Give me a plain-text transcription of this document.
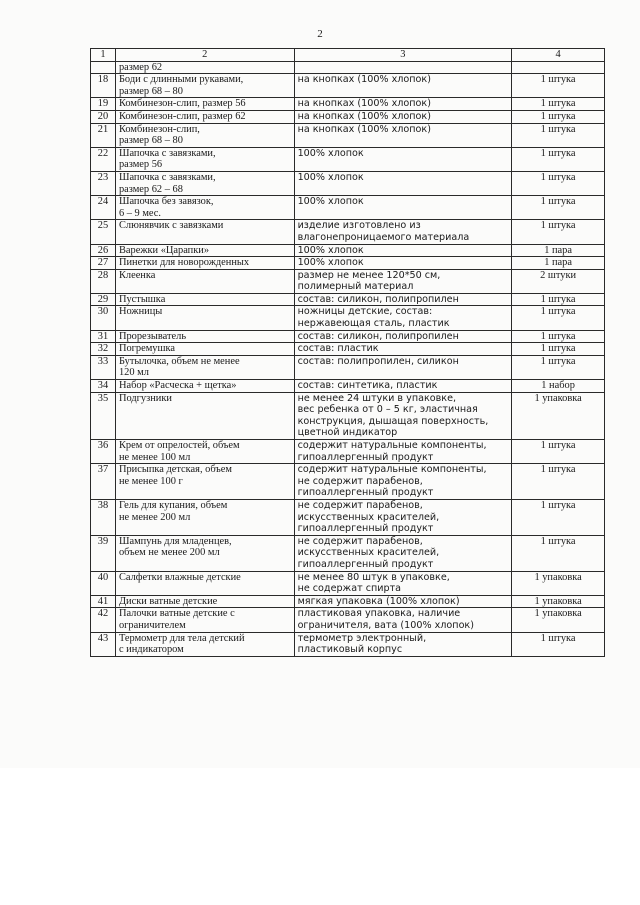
2
1	2	3	4
	размер 62		
18	Боди с длинными рукавами,
размер 68 – 80	на кнопках (100% хлопок)	1 штука
19	Комбинезон-слип, размер 56	на кнопках (100% хлопок)	1 штука
20	Комбинезон-слип, размер 62	на кнопках (100% хлопок)	1 штука
21	Комбинезон-слип,
размер 68 – 80	на кнопках (100% хлопок)	1 штука
22	Шапочка с завязками,
размер 56	100% хлопок	1 штука
23	Шапочка с завязками,
размер 62 – 68	100% хлопок	1 штука
24	Шапочка без завязок,
6 – 9 мес.	100% хлопок	1 штука
25	Слюнявчик с завязками	изделие изготовлено из
влагонепроницаемого материала	1 штука
26	Варежки «Царапки»	100% хлопок	1 пара
27	Пинетки для новорожденных	100% хлопок	1 пара
28	Клеенка	размер не менее 120*50 см,
полимерный материал	2 штуки
29	Пустышка	состав: силикон, полипропилен	1 штука
30	Ножницы	ножницы детские, состав:
нержавеющая сталь, пластик	1 штука
31	Прорезыватель	состав: силикон, полипропилен	1 штука
32	Погремушка	состав: пластик	1 штука
33	Бутылочка, объем не менее
120 мл	состав: полипропилен, силикон	1 штука
34	Набор «Расческа + щетка»	состав: синтетика, пластик	1 набор
35	Подгузники	не менее 24 штуки в упаковке,
вес ребенка от 0 – 5 кг, эластичная
конструкция, дышащая поверхность,
цветной индикатор	1 упаковка
36	Крем от опрелостей, объем
не менее 100 мл	содержит натуральные компоненты,
гипоаллергенный продукт	1 штука
37	Присыпка детская, объем
не менее 100 г	содержит натуральные компоненты,
не содержит парабенов,
гипоаллергенный продукт	1 штука
38	Гель для купания, объем
не менее 200 мл	не содержит парабенов,
искусственных красителей,
гипоаллергенный продукт	1 штука
39	Шампунь для младенцев,
объем не менее 200 мл	не содержит парабенов,
искусственных красителей,
гипоаллергенный продукт	1 штука
40	Салфетки влажные детские	не менее 80 штук в упаковке,
не содержат спирта	1 упаковка
41	Диски ватные детские	мягкая упаковка (100% хлопок)	1 упаковка
42	Палочки ватные детские с
ограничителем	пластиковая упаковка, наличие
ограничителя, вата (100% хлопок)	1 упаковка
43	Термометр для тела детский
с индикатором	термометр электронный,
пластиковый корпус	1 штука
